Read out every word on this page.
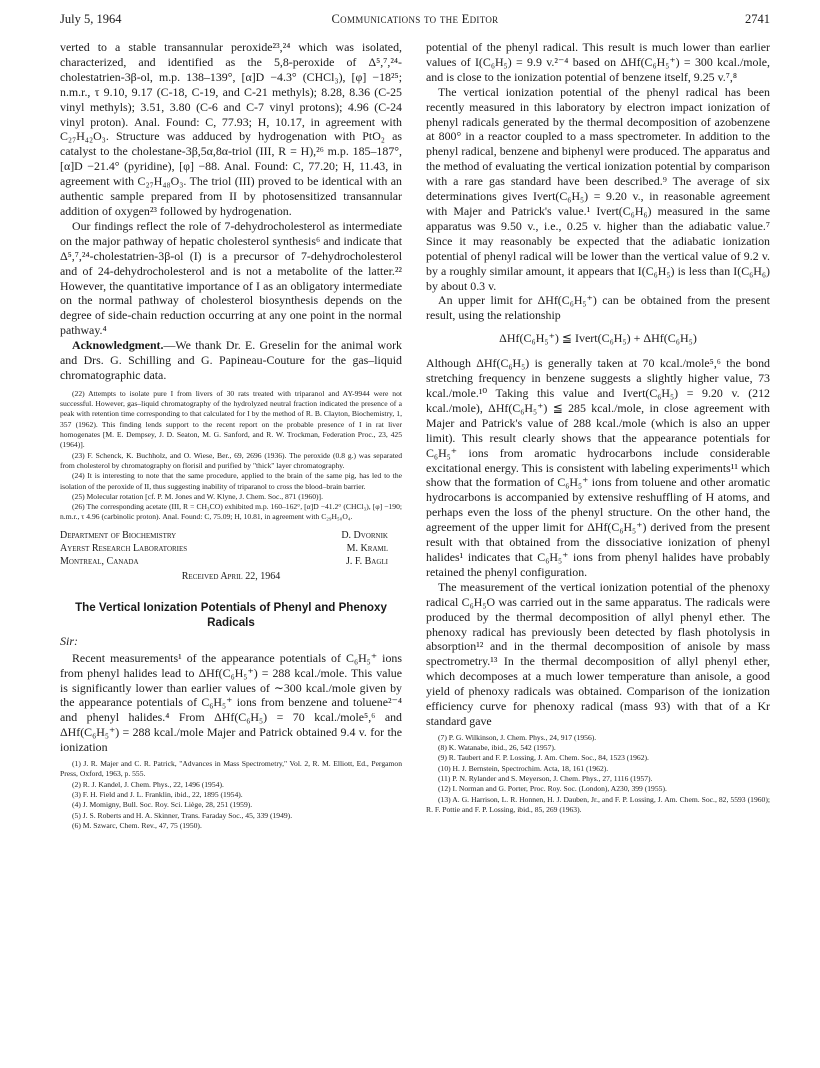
July 5, 1964	Communications to the Editor	2741

verted to a stable transannular peroxide²³,²⁴ which was isolated, characterized, and identified as the 5,8-peroxide of Δ⁵,⁷,²⁴-cholestatrien-3β-ol, m.p. 138–139°, [α]D −4.3° (CHCl₃), [φ] −18²⁵; n.m.r., τ 9.10, 9.17 (C-18, C-19, and C-21 methyls); 8.28, 8.36 (C-25 vinyl methyls); 3.51, 3.80 (C-6 and C-7 vinyl protons); 4.96 (C-24 vinyl proton). Anal. Found: C, 77.93; H, 10.17, in agreement with C₂₇H₄₂O₃. Structure was adduced by hydrogenation with PtO₂ as catalyst to the cholestane-3β,5α,8α-triol (III, R = H),²⁶ m.p. 185–187°, [α]D −21.4° (pyridine), [φ] −88. Anal. Found: C, 77.20; H, 11.43, in agreement with C₂₇H₄₈O₃. The triol (III) proved to be identical with an authentic sample prepared from II by photosensitized transannular addition of oxygen²³ followed by hydrogenation.

Our findings reflect the role of 7-dehydrocholesterol as intermediate on the major pathway of hepatic cholesterol synthesis⁶ and indicate that Δ⁵,⁷,²⁴-cholestatrien-3β-ol (I) is a precursor of 7-dehydrocholesterol and of 24-dehydrocholesterol and is not a metabolite of the latter.²² However, the quantitative importance of I as an obligatory intermediate on the normal pathway of cholesterol biosynthesis depends on the degree of side-chain reduction occurring at any one point in the normal pathway.⁴

Acknowledgment.—We thank Dr. E. Greselin for the animal work and Drs. G. Schilling and G. Papineau-Couture for the gas–liquid chromatographic data.

(22) Attempts to isolate pure I from livers of 30 rats treated with triparanol and AY-9944 were not successful. However, gas–liquid chromatography of the hydrolyzed neutral fraction indicated the presence of a peak with retention time corresponding to that calculated for I by the method of R. B. Clayton, Biochemistry, 1, 357 (1962). This finding lends support to the recent report on the probable presence of I in rat liver homogenates [M. E. Dempsey, J. D. Seaton, M. G. Sanford, and R. W. Trockman, Federation Proc., 23, 425 (1964)].

(23) F. Schenck, K. Buchholz, and O. Wiese, Ber., 69, 2696 (1936). The peroxide (0.8 g.) was separated from cholesterol by chromatography on florisil and purified by "thick" layer chromatography.

(24) It is interesting to note that the same procedure, applied to the brain of the same pig, has led to the isolation of the peroxide of II, thus suggesting inability of triparanol to cross the blood–brain barrier.

(25) Molecular rotation [cf. P. M. Jones and W. Klyne, J. Chem. Soc., 871 (1960)].

(26) The corresponding acetate (III, R = CH₃CO) exhibited m.p. 160–162°, [α]D −41.2° (CHCl₃), [φ] −190; n.m.r., τ 4.96 (carbinolic proton). Anal. Found: C, 75.09; H, 10.81, in agreement with C₂₉H₅₀O₄.

Department of Biochemistry
Ayerst Research Laboratories
Montreal, Canada
D. Dvornik
M. Kraml
J. F. Bagli
Received April 22, 1964
The Vertical Ionization Potentials of Phenyl and Phenoxy Radicals
Sir:

Recent measurements¹ of the appearance potentials of C₆H₅⁺ ions from phenyl halides lead to ΔHf(C₆H₅⁺) = 288 kcal./mole. This value is significantly lower than earlier values of ∼300 kcal./mole given by the appearance potentials of C₆H₅⁺ ions from benzene and toluene²⁻⁴ and phenyl halides.⁴ From ΔHf(C₆H₅) = 70 kcal./mole⁵,⁶ and ΔHf(C₆H₅⁺) = 288 kcal./mole Majer and Patrick obtained 9.4 v. for the ionization

(1) J. R. Majer and C. R. Patrick, "Advances in Mass Spectrometry," Vol. 2, R. M. Elliott, Ed., Pergamon Press, Oxford, 1963, p. 555.

(2) R. J. Kandel, J. Chem. Phys., 22, 1496 (1954).

(3) F. H. Field and J. L. Franklin, ibid., 22, 1895 (1954).

(4) J. Momigny, Bull. Soc. Roy. Sci. Liège, 28, 251 (1959).

(5) J. S. Roberts and H. A. Skinner, Trans. Faraday Soc., 45, 339 (1949).

(6) M. Szwarc, Chem. Rev., 47, 75 (1950).

potential of the phenyl radical. This result is much lower than earlier values of I(C₆H₅) = 9.9 v.²⁻⁴ based on ΔHf(C₆H₅⁺) = 300 kcal./mole, and is close to the ionization potential of benzene itself, 9.25 v.⁷,⁸

The vertical ionization potential of the phenyl radical has been recently measured in this laboratory by electron impact ionization of phenyl radicals generated by the thermal decomposition of azobenzene at 800° in a reactor coupled to a mass spectrometer. In addition to the phenyl radical, benzene and biphenyl were produced. The apparatus and the method of evaluating the vertical ionization potential by comparison with a rare gas standard have been described.⁹ The average of six determinations gives Ivert(C₆H₅) = 9.20 v., in reasonable agreement with Majer and Patrick's value.¹ Ivert(C₆H₆) measured in the same apparatus was 9.50 v., i.e., 0.25 v. higher than the adiabatic value.⁷ Since it may reasonably be expected that the adiabatic ionization potential of phenyl radical will be lower than the vertical value of 9.2 v. by a roughly similar amount, it appears that I(C₆H₅) is less than I(C₆H₆) by about 0.3 v.

An upper limit for ΔHf(C₆H₅⁺) can be obtained from the present result, using the relationship

ΔHf(C₆H₅⁺) ≦ Ivert(C₆H₅) + ΔHf(C₆H₅)

Although ΔHf(C₆H₅) is generally taken at 70 kcal./mole⁵,⁶ the bond stretching frequency in benzene suggests a slightly higher value, 73 kcal./mole.¹⁰ Taking this value and Ivert(C₆H₅) = 9.20 v. (212 kcal./mole), ΔHf(C₆H₅⁺) ≦ 285 kcal./mole, in close agreement with Majer and Patrick's value of 288 kcal./mole (which is also an upper limit). This result clearly shows that the appearance potentials for C₆H₅⁺ ions from aromatic hydrocarbons include considerable excitational energy. This is consistent with labeling experiments¹¹ which show that the formation of C₆H₅⁺ ions from toluene and other aromatic hydrocarbons is accompanied by extensive reshuffling of H atoms, and perhaps even the loss of the phenyl structure. On the other hand, the agreement of the upper limit for ΔHf(C₆H₅⁺) derived from the present result with that obtained from the dissociative ionization of phenyl halides¹ indicates that C₆H₅⁺ ions from phenyl halides have probably retained the phenyl configuration.

The measurement of the vertical ionization potential of the phenoxy radical C₆H₅O was carried out in the same apparatus. The radicals were produced by the thermal decomposition of allyl phenyl ether. The phenoxy radical has previously been detected by flash photolysis in absorption¹² and in the thermal decomposition of anisole by mass spectrometry.¹³ In the thermal decomposition of allyl phenyl ether, which decomposes at a much lower temperature than anisole, a good yield of phenoxy radicals was obtained. Comparison of the ionization efficiency curve for phenoxy radical (mass 93) with that of a Kr standard gave

(7) P. G. Wilkinson, J. Chem. Phys., 24, 917 (1956).

(8) K. Watanabe, ibid., 26, 542 (1957).

(9) R. Taubert and F. P. Lossing, J. Am. Chem. Soc., 84, 1523 (1962).

(10) H. J. Bernstein, Spectrochim. Acta, 18, 161 (1962).

(11) P. N. Rylander and S. Meyerson, J. Chem. Phys., 27, 1116 (1957).

(12) I. Norman and G. Porter, Proc. Roy. Soc. (London), A230, 399 (1955).

(13) A. G. Harrison, L. R. Honnen, H. J. Dauben, Jr., and F. P. Lossing, J. Am. Chem. Soc., 82, 5593 (1960); R. F. Pottie and F. P. Lossing, ibid., 85, 269 (1963).
